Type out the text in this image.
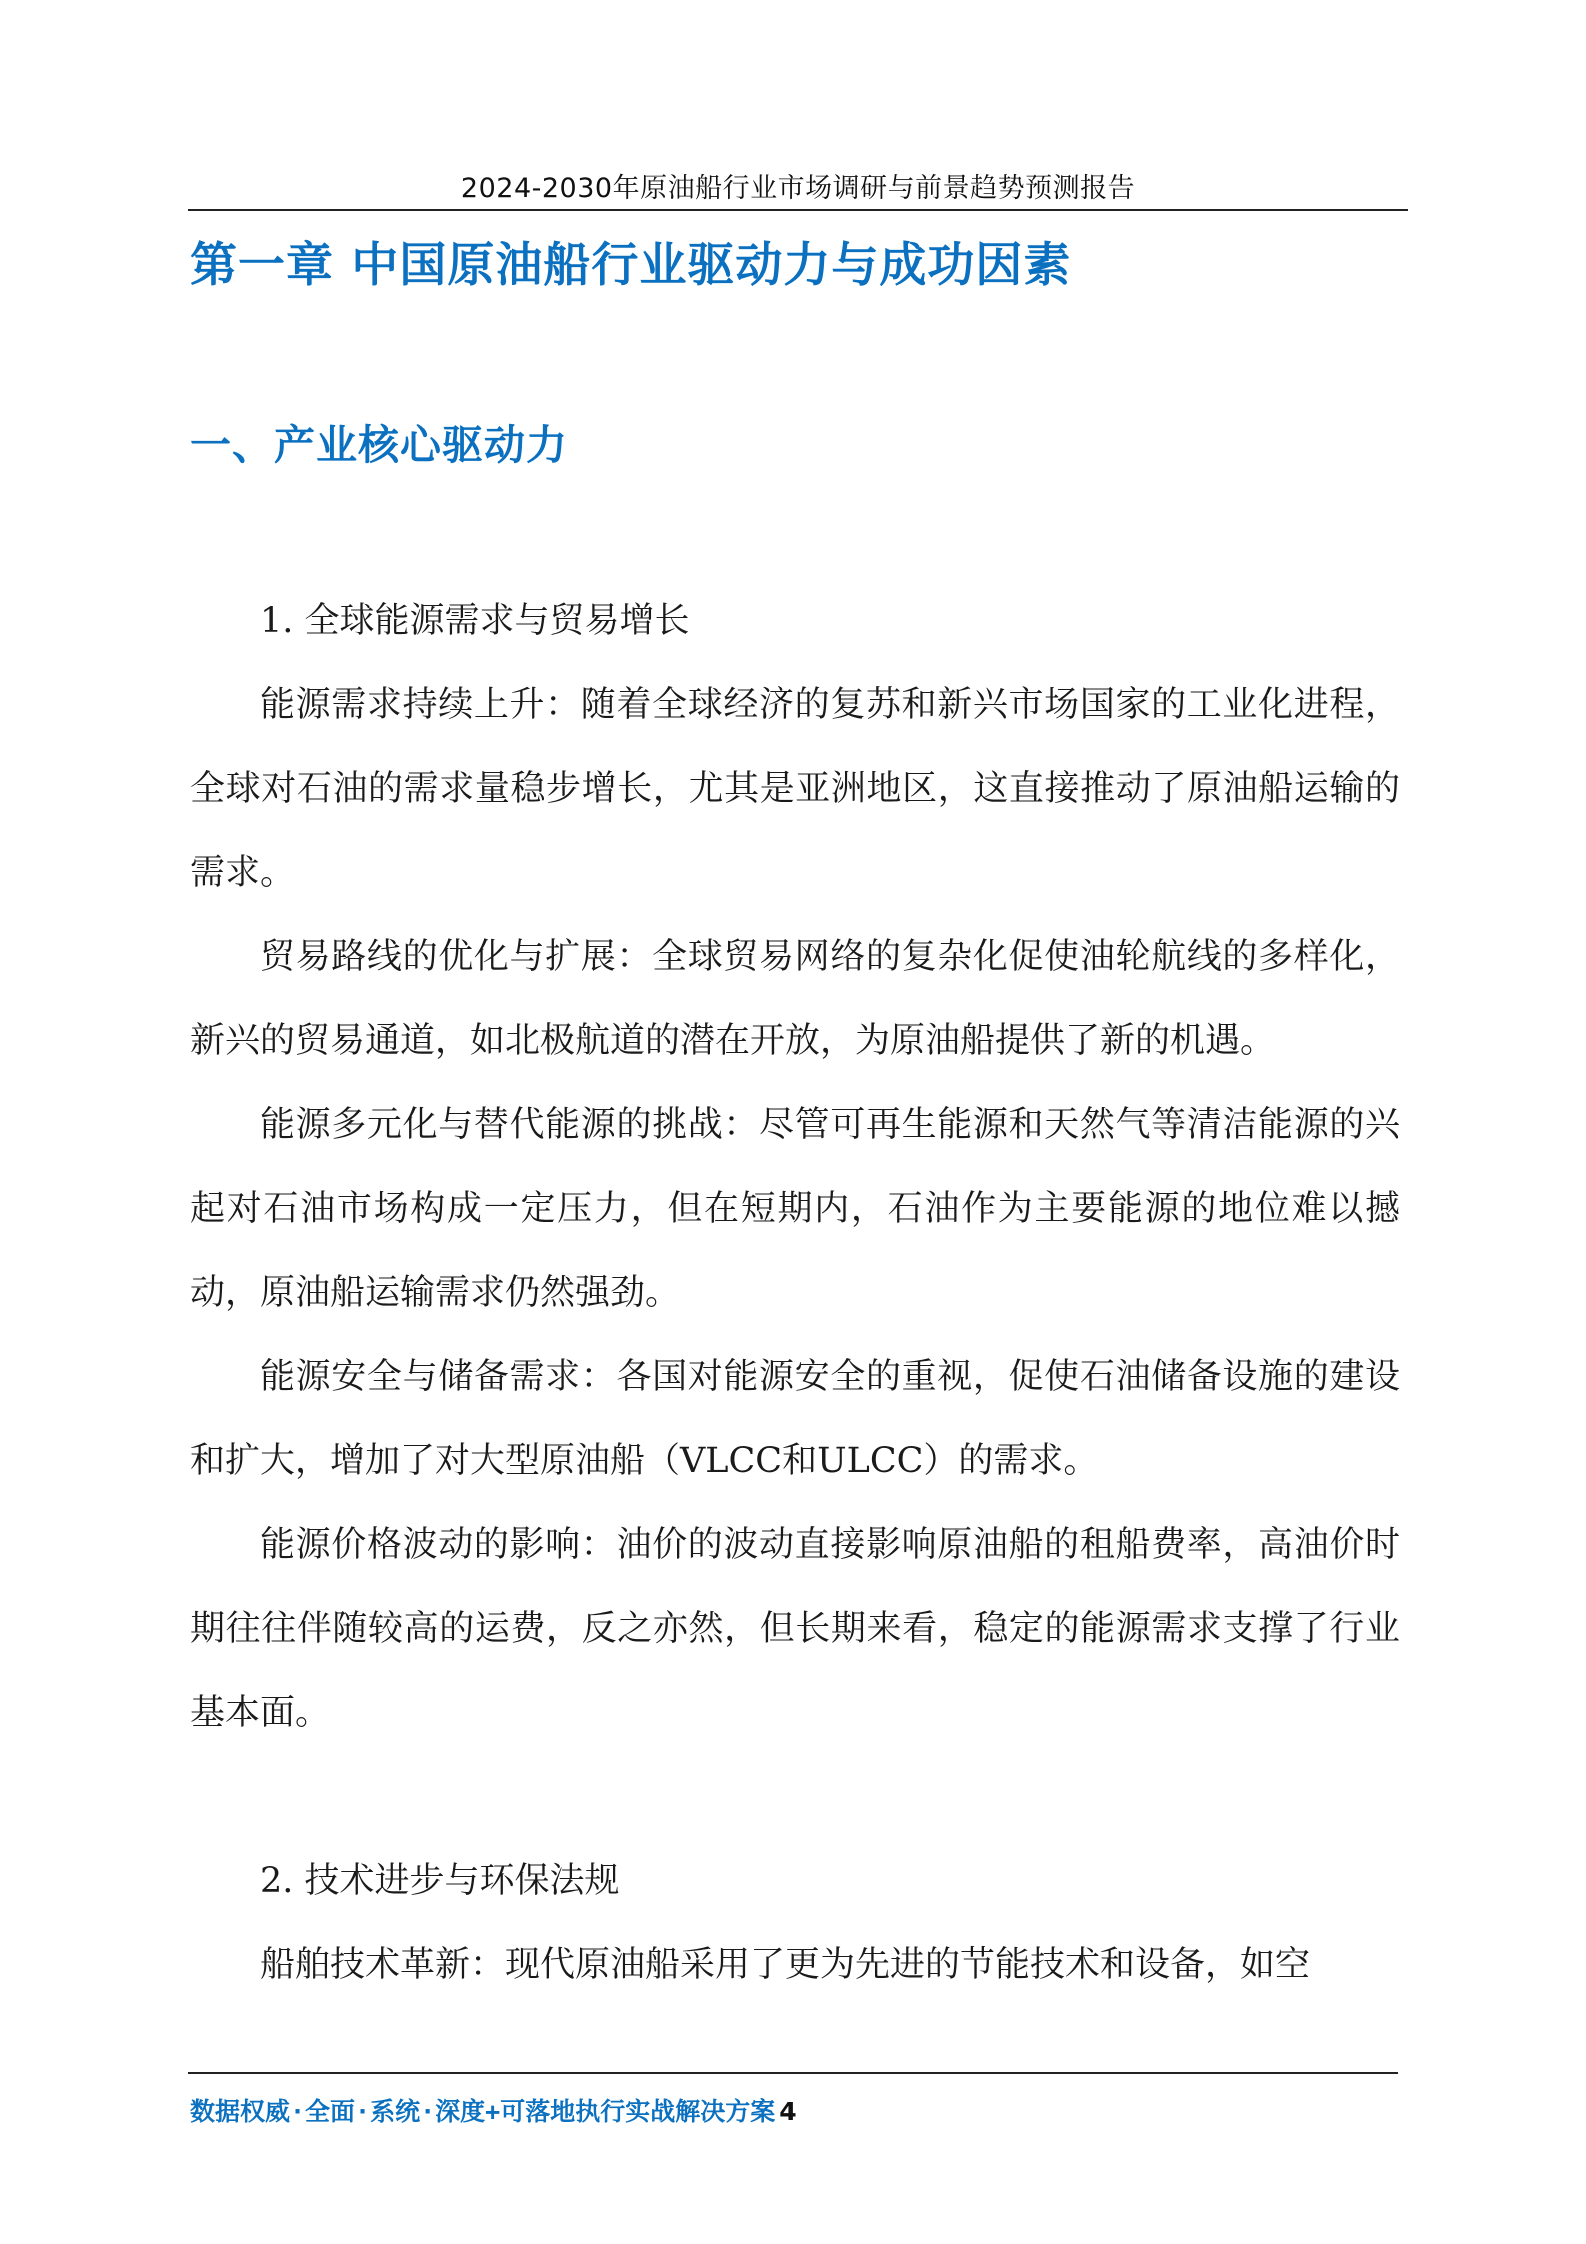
2024-2030年原油船行业市场调研与前景趋势预测报告
第一章 中国原油船行业驱动力与成功因素
一、产业核心驱动力

1. 全球能源需求与贸易增长

能源需求持续上升：随着全球经济的复苏和新兴市场国家的工业化进程，全球对石油的需求量稳步增长，尤其是亚洲地区，这直接推动了原油船运输的需求。

贸易路线的优化与扩展：全球贸易网络的复杂化促使油轮航线的多样化，新兴的贸易通道，如北极航道的潜在开放，为原油船提供了新的机遇。

能源多元化与替代能源的挑战：尽管可再生能源和天然气等清洁能源的兴起对石油市场构成一定压力，但在短期内，石油作为主要能源的地位难以撼动，原油船运输需求仍然强劲。

能源安全与储备需求：各国对能源安全的重视，促使石油储备设施的建设和扩大，增加了对大型原油船（VLCC和ULCC）的需求。

能源价格波动的影响：油价的波动直接影响原油船的租船费率，高油价时期往往伴随较高的运费，反之亦然，但长期来看，稳定的能源需求支撑了行业基本面。

2. 技术进步与环保法规

船舶技术革新：现代原油船采用了更为先进的节能技术和设备，如空

数据权威·全面·系统·深度+可落地执行实战解决方案 4
